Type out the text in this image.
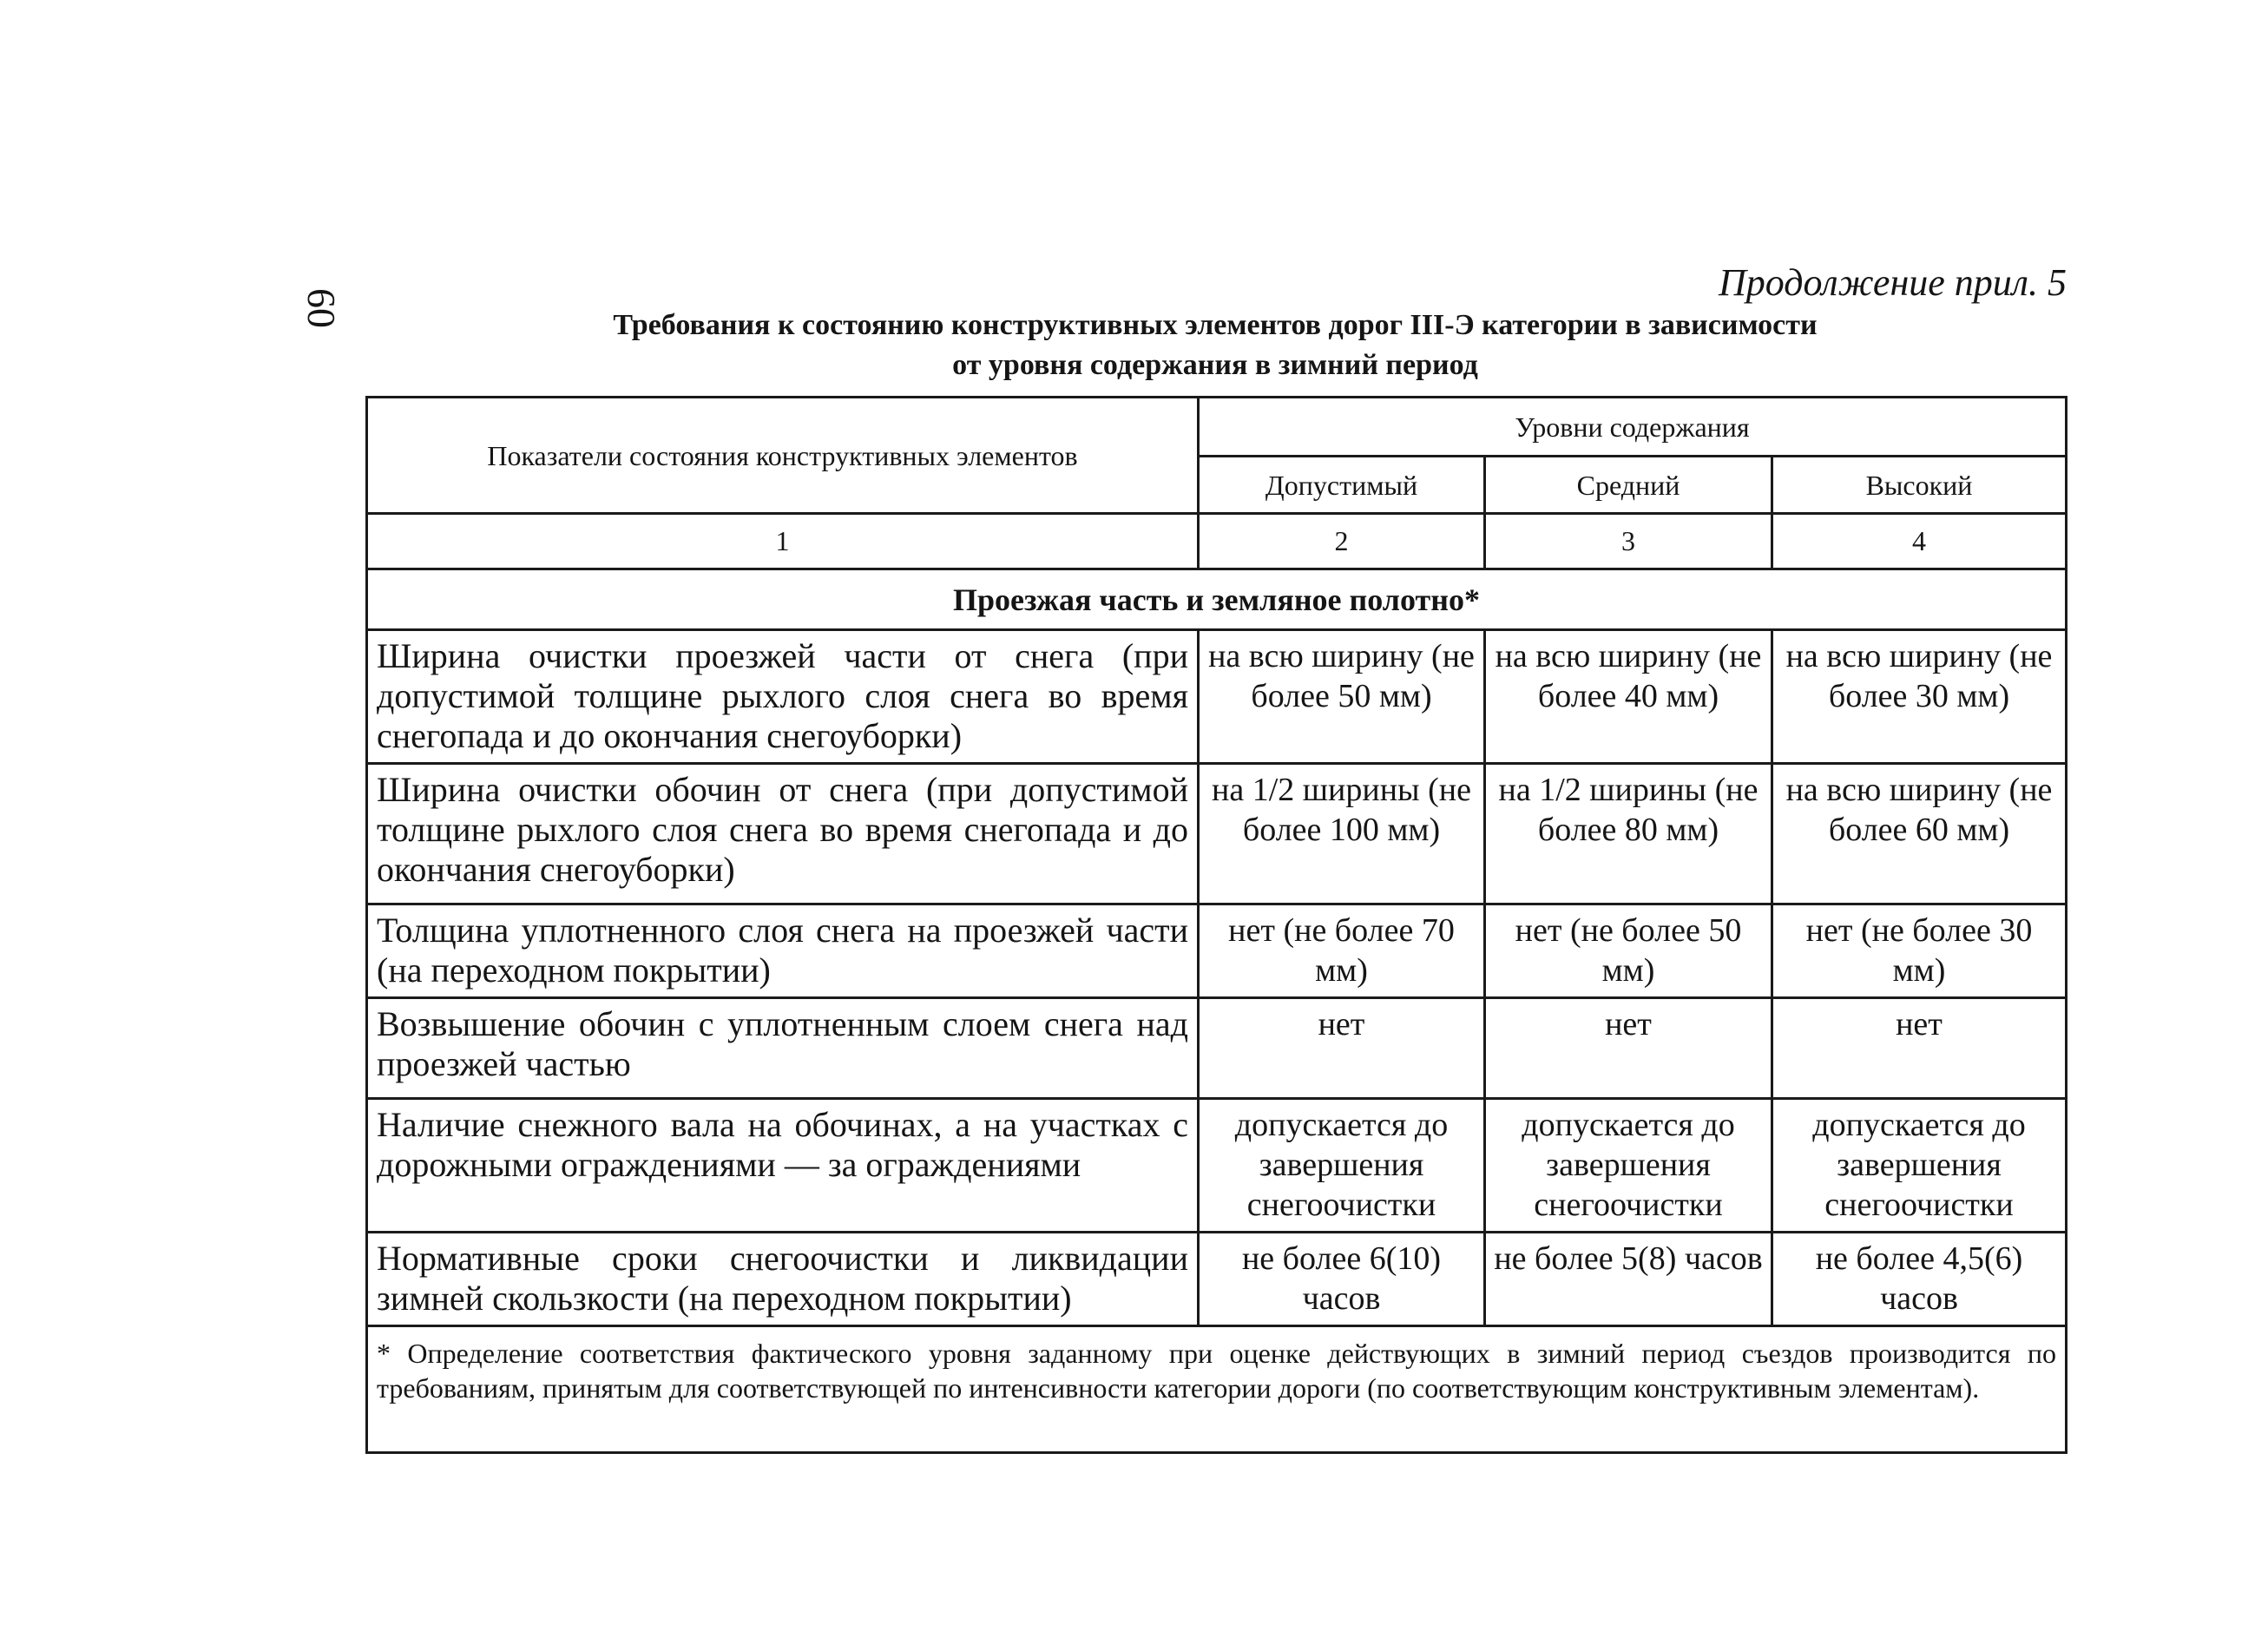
60
Продолжение прил. 5
Требования к состоянию конструктивных элементов дорог III-Э категории в зависимости
от уровня содержания в зимний период
Показатели состояния конструктивных элементов	Уровни содержания		
	Допустимый	Средний	Высокий
1	2	3	4
Проезжая часть и земляное полотно*			
Ширина очистки проезжей части от снега (при допустимой толщине рыхлого слоя снега во время снегопада и до окончания снегоуборки)	на всю ширину (не более 50 мм)	на всю ширину (не более 40 мм)	на всю ширину (не более 30 мм)
Ширина очистки обочин от снега (при допустимой толщине рыхлого слоя снега во время снегопада и до окончания снегоуборки)	на 1/2 ширины (не более 100 мм)	на 1/2 ширины (не более 80 мм)	на всю ширину (не более 60 мм)
Толщина уплотненного слоя снега на проезжей части (на переходном покрытии)	нет (не более 70 мм)	нет (не более 50 мм)	нет (не более 30 мм)
Возвышение обочин с уплотненным слоем снега над проезжей частью	нет	нет	нет
Наличие снежного вала на обочинах, а на участках с дорожными ограждениями — за ограждениями	допускается до завершения снегоочистки	допускается до завершения снегоочистки	допускается до завершения снегоочистки
Нормативные сроки снегоочистки и ликвидации зимней скользкости (на переходном покрытии)	не более 6(10) часов	не более 5(8) часов	не более 4,5(6) часов
* Определение соответствия фактического уровня заданному при оценке действующих в зимний период съездов производится по требованиям, принятым для соответствующей по интенсивности категории дороги (по соответствующим конструктивным элементам).			
